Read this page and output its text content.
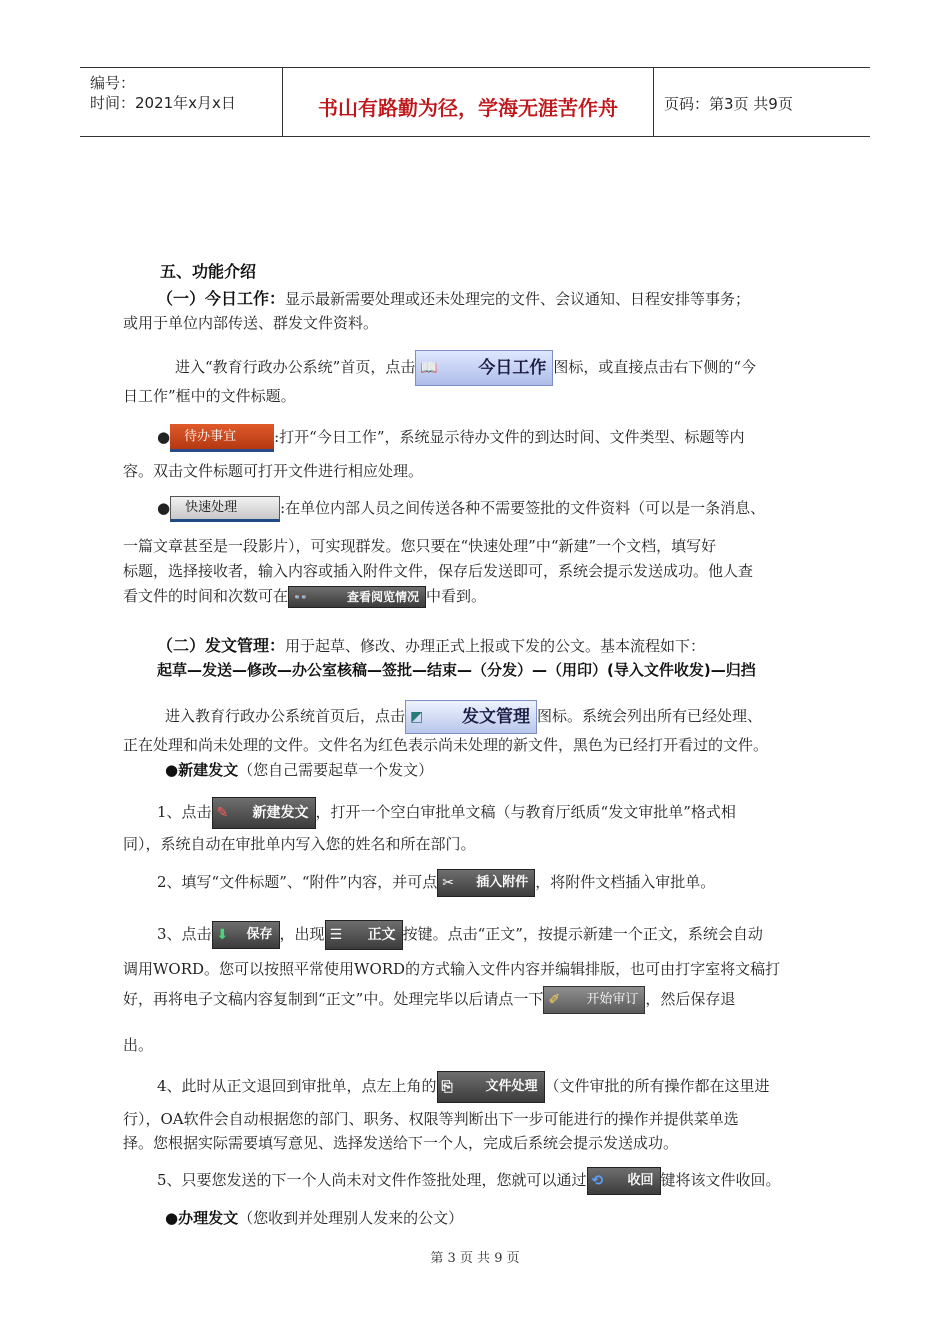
编号：
时间：2021年x月x日	书山有路勤为径，学海无涯苦作舟	页码：第3页 共9页
五、功能介绍
（一）今日工作：显示最新需要处理或还未处理完的文件、会议通知、日程安排等事务；
或用于单位内部传送、群发文件资料。
进入“教育行政办公系统”首页，点击 📖 今日工作 图标，或直接点击右下侧的“今
日工作”框中的文件标题。
● 待办事宜	:打开“今日工作”，系统显示待办文件的到达时间、文件类型、标题等内
容。双击文件标题可打开文件进行相应处理。
● 快速处理	:在单位内部人员之间传送各种不需要签批的文件资料（可以是一条消息、
一篇文章甚至是一段影片），可实现群发。您只要在“快速处理”中“新建”一个文档，填写好
标题，选择接收者，输入内容或插入附件文件，保存后发送即可，系统会提示发送成功。他人查
看文件的时间和次数可在 👓	查看阅览情况 中看到。
（二）发文管理：用于起草、修改、办理正式上报或下发的公文。基本流程如下：
起草—发送—修改—办公室核稿—签批—结束—（分发）—（用印）(导入文件收发)—归挡
进入教育行政办公系统首页后，点击 ◩ 发文管理 图标。系统会列出所有已经处理、
正在处理和尚未处理的文件。文件名为红色表示尚未处理的新文件，黑色为已经打开看过的文件。
●新建发文（您自己需要起草一个发文）
1、点击 ✎ 新建发文 ，打开一个空白审批单文稿（与教育厅纸质“发文审批单”格式相
同），系统自动在审批单内写入您的姓名和所在部门。
2、填写“文件标题”、“附件”内容，并可点 ✂ 插入附件 ，将附件文档插入审批单。
3、点击 ⬇ 保存 ，出现 ☰ 正文 按键。点击“正文”，按提示新建一个正文，系统会自动
调用WORD。您可以按照平常使用WORD的方式输入文件内容并编辑排版，也可由打字室将文稿打
好，再将电子文稿内容复制到“正文”中。处理完毕以后请点一下 ✐ 开始审订 ，然后保存退
出。
4、此时从正文退回到审批单，点左上角的 ⎘	文件处理 （文件审批的所有操作都在这里进
行），OA软件会自动根据您的部门、职务、权限等判断出下一步可能进行的操作并提供菜单选
择。您根据实际需要填写意见、选择发送给下一个人，完成后系统会提示发送成功。
5、只要您发送的下一个人尚未对文件作签批处理，您就可以通过 ⟲ 收回 键将该文件收回。
●办理发文（您收到并处理别人发来的公文）
第 3 页 共 9 页
